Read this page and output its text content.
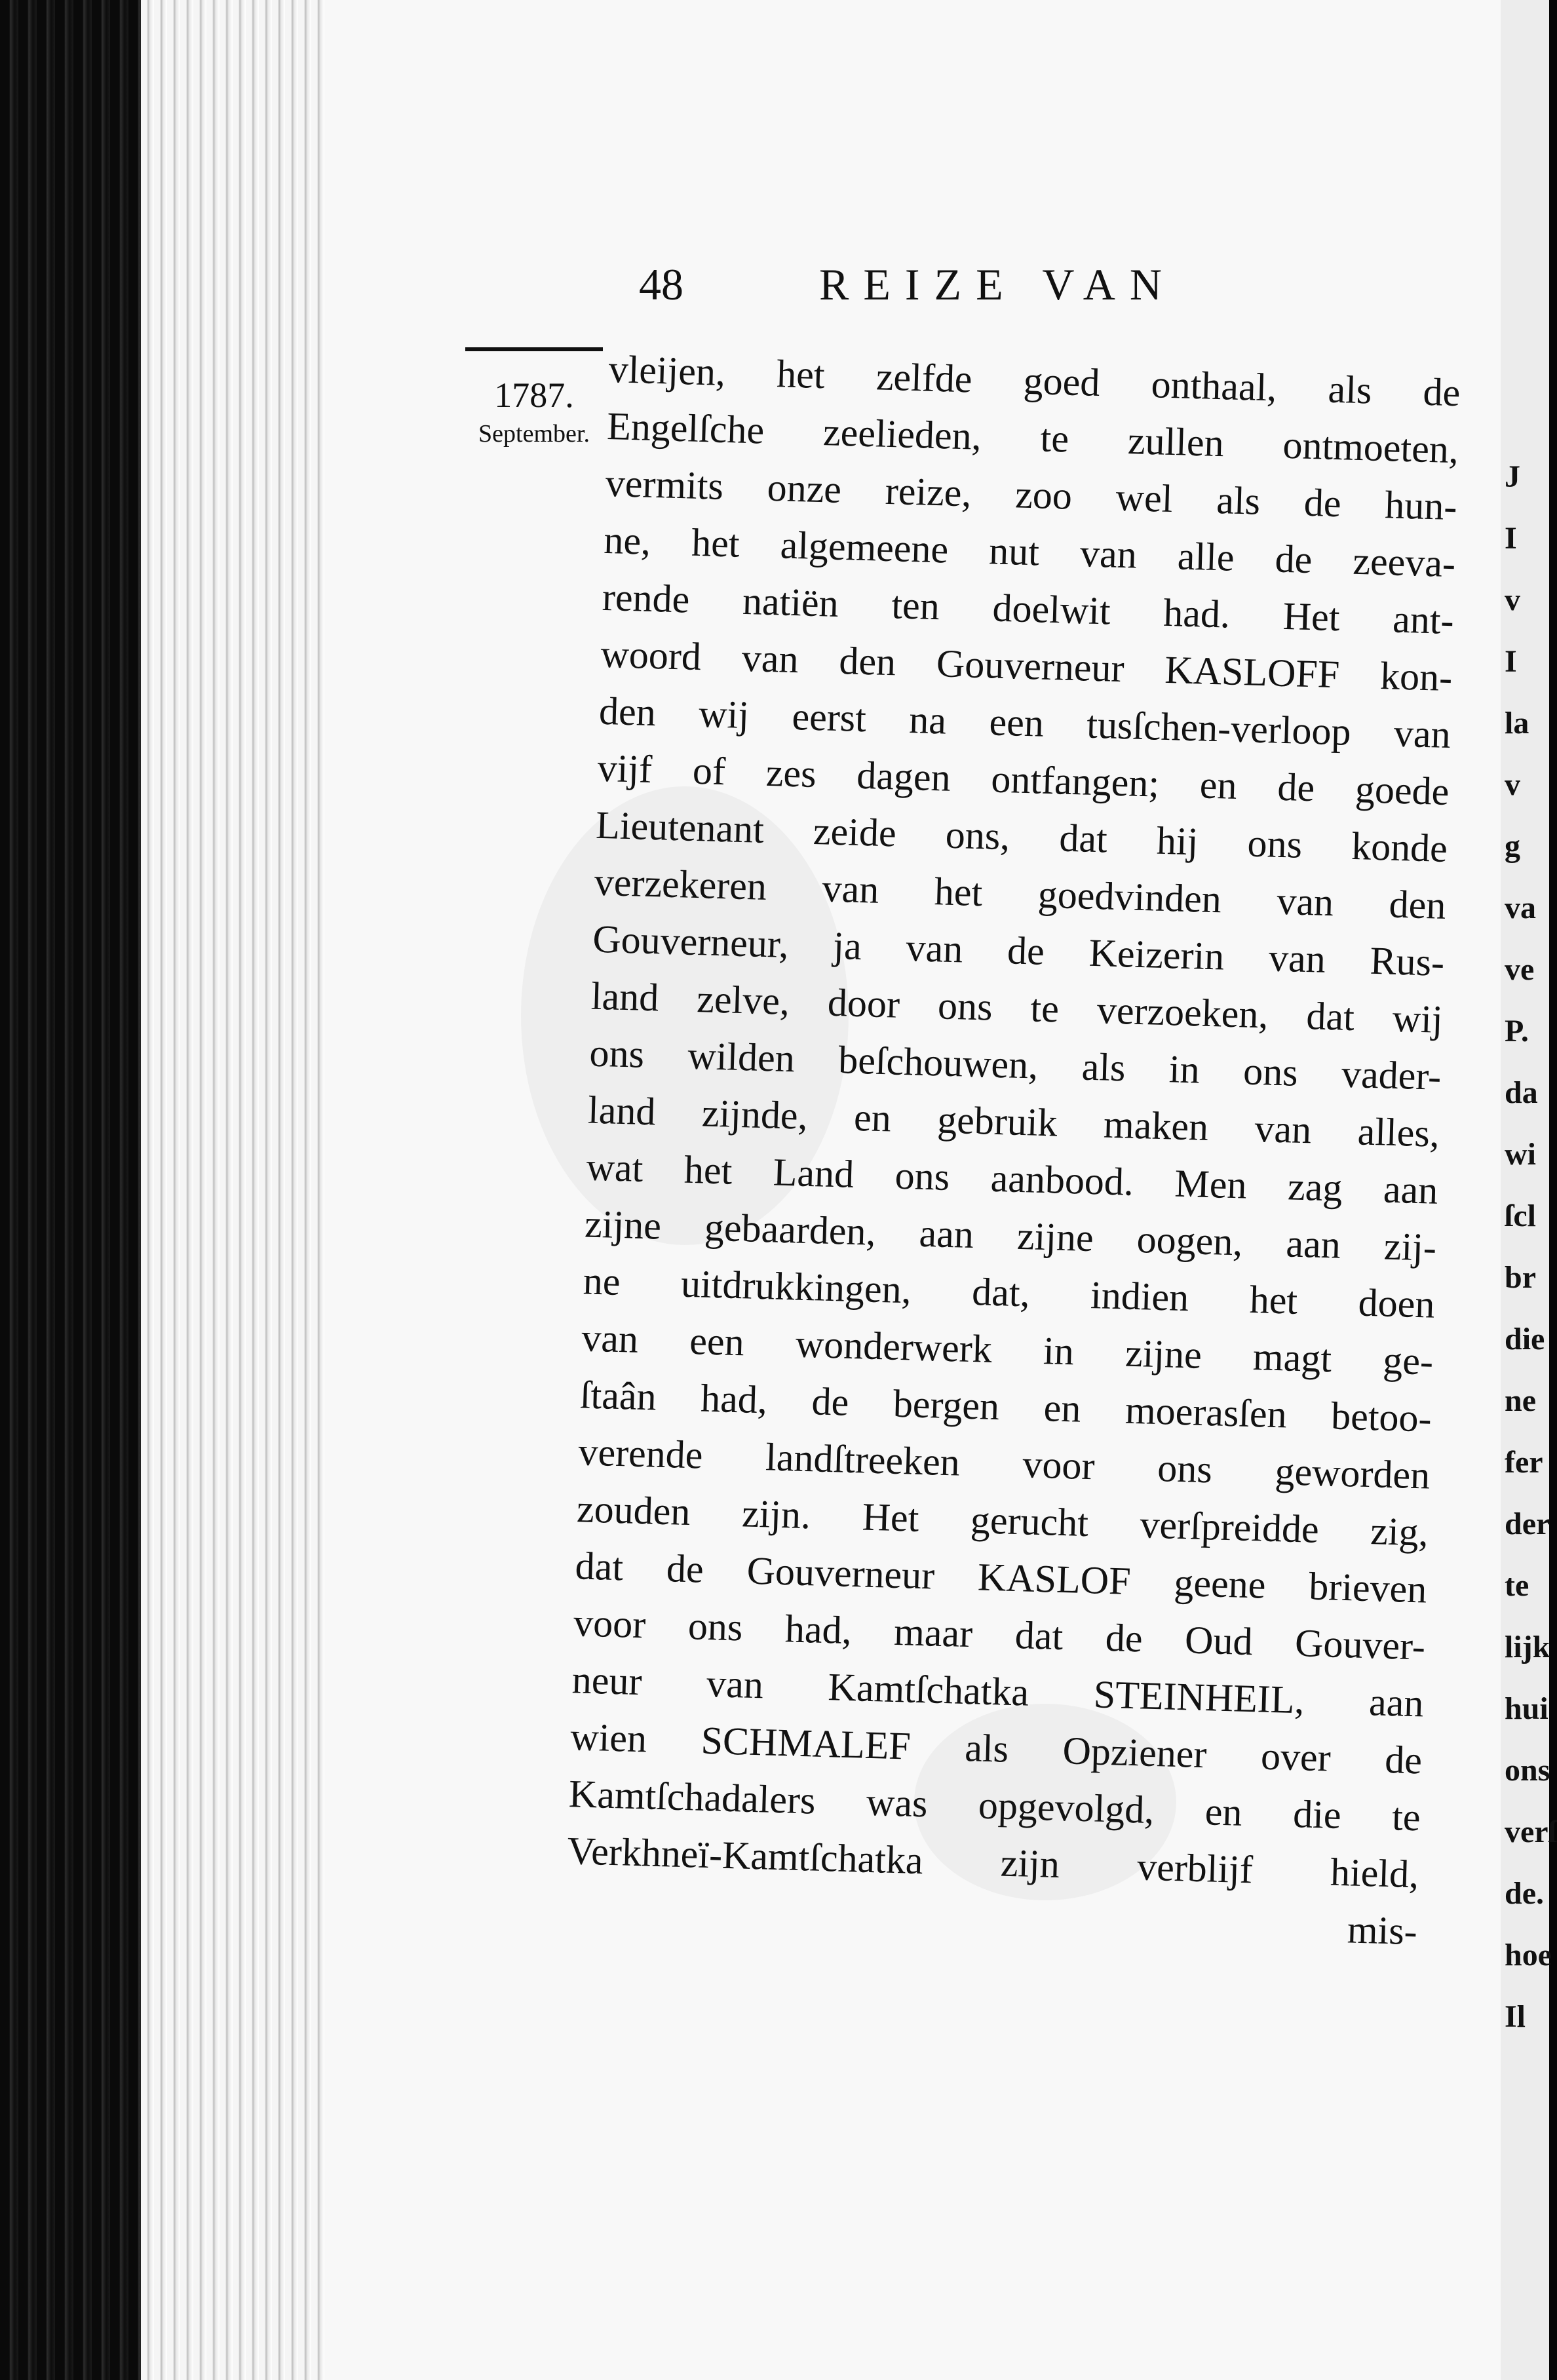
J
I
v
I
la
v
g
va
ve
P.
da
wi
ſcl
br
die
ne
fer
der
te
lijk
hui
ons
verſ
de.
hoe
Il
48	REIZE VAN
1787.
September.
vleijen, het zelfde goed onthaal, als de
Engelſche zeelieden, te zullen ontmoeten,
vermits onze reize, zoo wel als de hun-
ne, het algemeene nut van alle de zeeva-
rende natiën ten doelwit had. Het ant-
woord van den Gouverneur KASLOFF kon-
den wij eerst na een tusſchen-verloop van
vijf of zes dagen ontfangen; en de goede
Lieutenant zeide ons, dat hij ons konde
verzekeren van het goedvinden van den
Gouverneur, ja van de Keizerin van Rus-
land zelve, door ons te verzoeken, dat wij
ons wilden beſchouwen, als in ons vader-
land zijnde, en gebruik maken van alles,
wat het Land ons aanbood. Men zag aan
zijne gebaarden, aan zijne oogen, aan zij-
ne uitdrukkingen, dat, indien het doen
van een wonderwerk in zijne magt ge-
ſtaân had, de bergen en moerasſen betoo-
verende landſtreeken voor ons geworden
zouden zijn. Het gerucht verſpreidde zig,
dat de Gouverneur KASLOF geene brieven
voor ons had, maar dat de Oud Gouver-
neur van Kamtſchatka STEINHEIL, aan
wien SCHMALEF als Opziener over de
Kamtſchadalers was opgevolgd, en die te
Verkhneï-Kamtſchatka zijn verblijf hield,
mis-
